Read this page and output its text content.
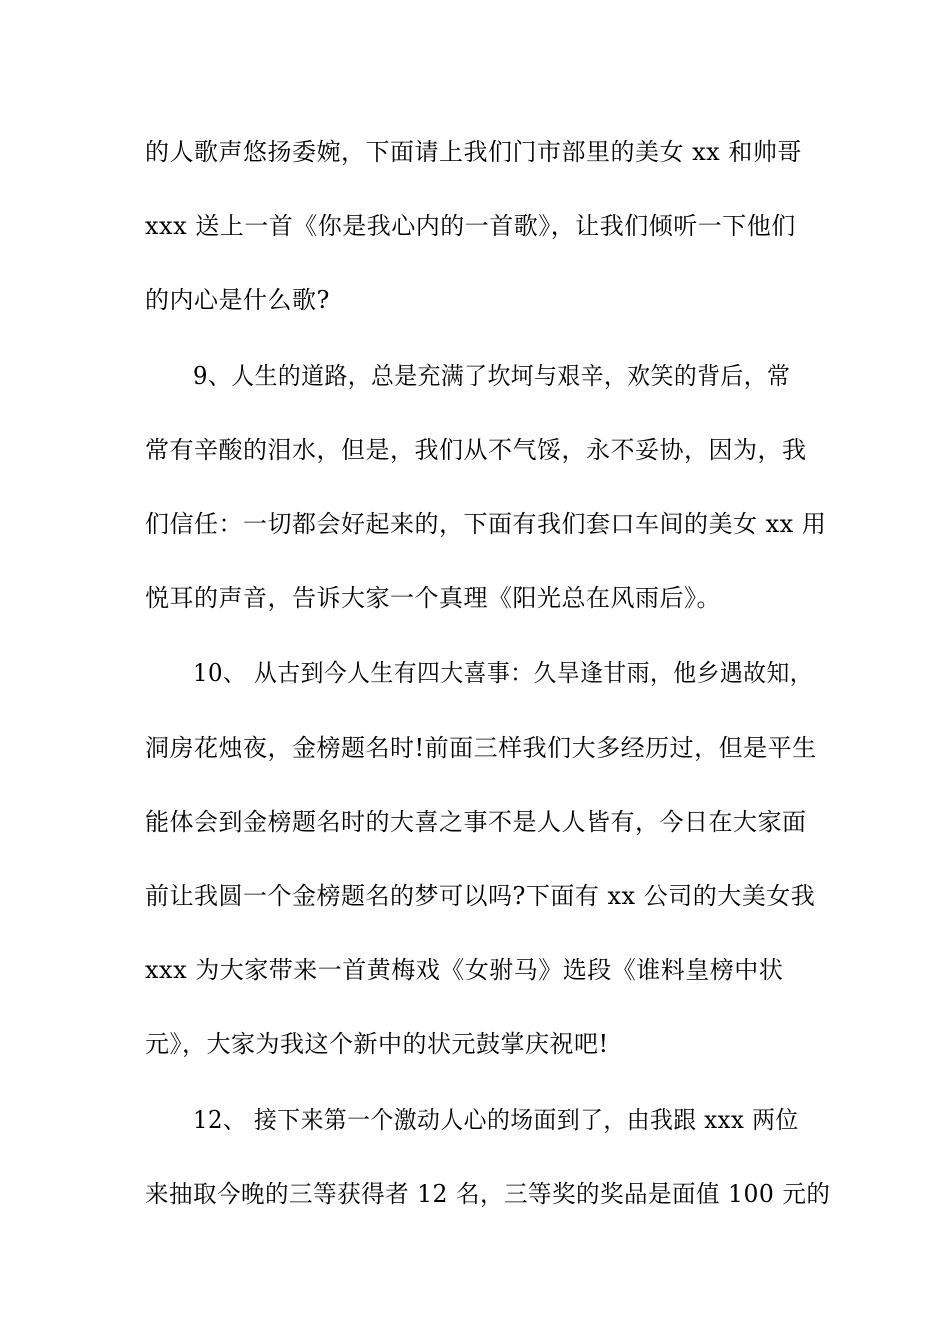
的人歌声悠扬委婉，下面请上我们门市部里的美女 xx 和帅哥
xxx 送上一首《你是我心内的一首歌》，让我们倾听一下他们
的内心是什么歌?
9、人生的道路，总是充满了坎坷与艰辛，欢笑的背后，常
常有辛酸的泪水，但是，我们从不气馁，永不妥协，因为，我
们信任：一切都会好起来的，下面有我们套口车间的美女 xx 用
悦耳的声音，告诉大家一个真理《阳光总在风雨后》。
10、 从古到今人生有四大喜事：久旱逢甘雨，他乡遇故知，
洞房花烛夜，金榜题名时!前面三样我们大多经历过，但是平生
能体会到金榜题名时的大喜之事不是人人皆有，今日在大家面
前让我圆一个金榜题名的梦可以吗?下面有 xx 公司的大美女我
xxx 为大家带来一首黄梅戏《女驸马》选段《谁料皇榜中状
元》，大家为我这个新中的状元鼓掌庆祝吧!
12、 接下来第一个激动人心的场面到了，由我跟 xxx 两位
来抽取今晚的三等获得者 12 名，三等奖的奖品是面值 100 元的
